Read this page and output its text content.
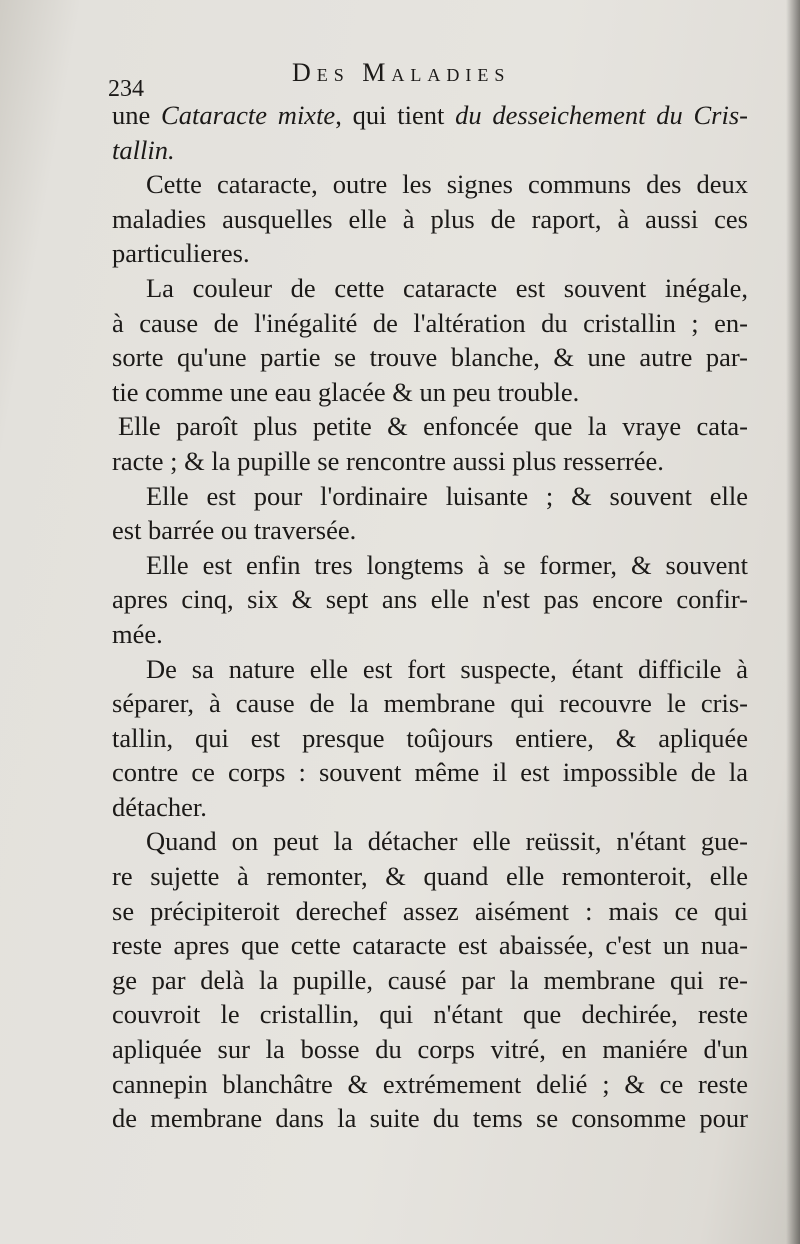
234
Des Maladies
une Cataracte mixte, qui tient du desseichement du Cris-
tallin.
Cette cataracte, outre les signes communs des deux
maladies ausquelles elle à plus de raport, à aussi ces
particulieres.
La couleur de cette cataracte est souvent inégale,
à cause de l'inégalité de l'altération du cristallin ; en-
sorte qu'une partie se trouve blanche, & une autre par-
tie comme une eau glacée & un peu trouble.
Elle paroît plus petite & enfoncée que la vraye cata-
racte ; & la pupille se rencontre aussi plus resserrée.
Elle est pour l'ordinaire luisante ; & souvent elle
est barrée ou traversée.
Elle est enfin tres longtems à se former, & souvent
apres cinq, six & sept ans elle n'est pas encore confir-
mée.
De sa nature elle est fort suspecte, étant difficile à
séparer, à cause de la membrane qui recouvre le cris-
tallin, qui est presque toûjours entiere, & apliquée
contre ce corps : souvent même il est impossible de la
détacher.
Quand on peut la détacher elle reüssit, n'étant gue-
re sujette à remonter, & quand elle remonteroit, elle
se précipiteroit derechef assez aisément : mais ce qui
reste apres que cette cataracte est abaissée, c'est un nua-
ge par delà la pupille, causé par la membrane qui re-
couvroit le cristallin, qui n'étant que dechirée, reste
apliquée sur la bosse du corps vitré, en maniére d'un
cannepin blanchâtre & extrémement delié ; & ce reste
de membrane dans la suite du tems se consomme pour
